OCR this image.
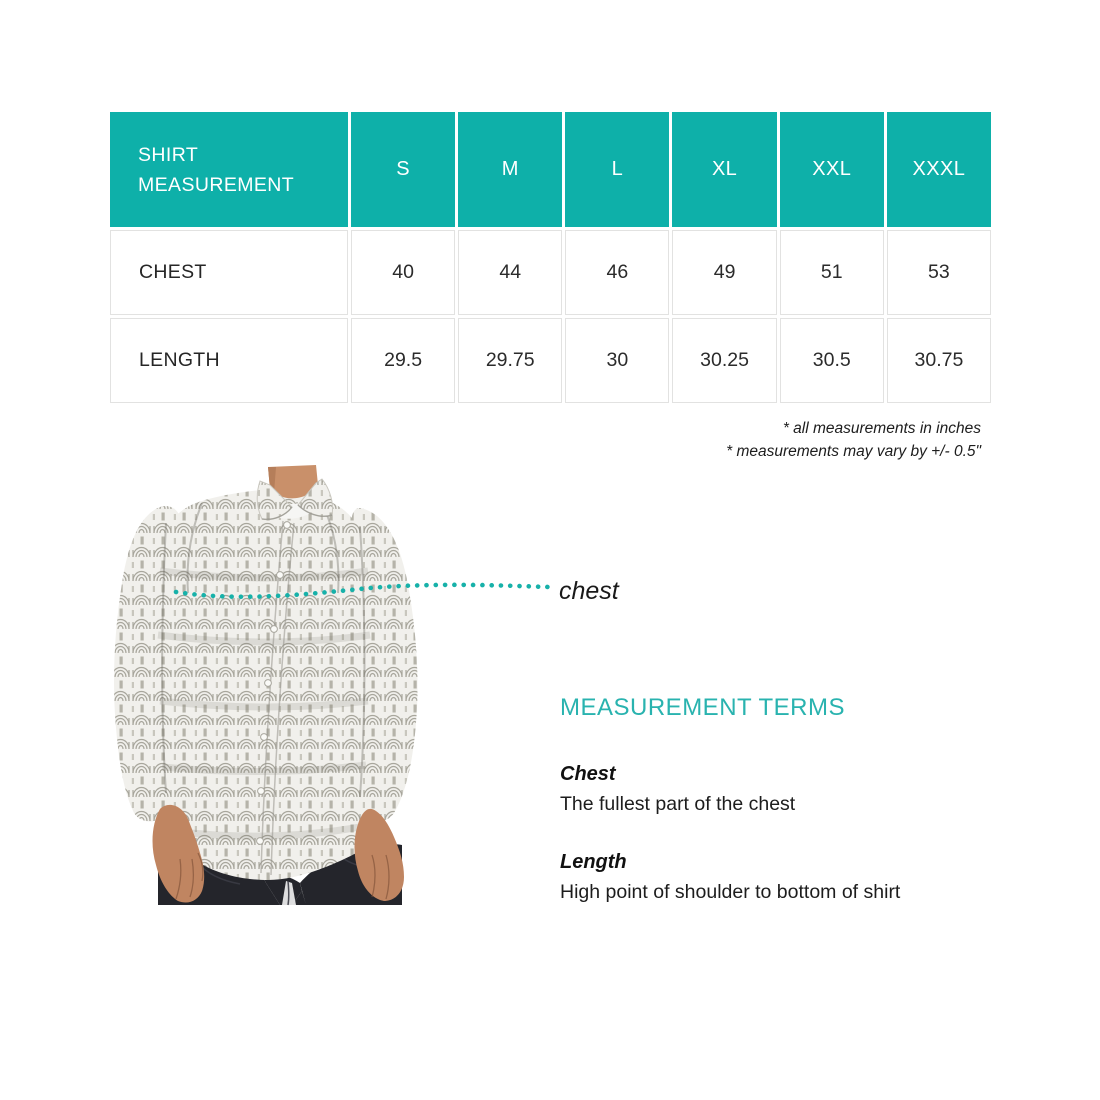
SHIRT
MEASUREMENT
S	M	L	XL	XXL	XXXL
CHEST	40	44	46	49	51	53
LENGTH	29.5	29.75	30	30.25	30.5	30.75
* all measurements in inches
* measurements may vary by +/- 0.5"
chest
MEASUREMENT TERMS
Chest
The fullest part of the chest
Length
High point of shoulder to bottom of shirt
